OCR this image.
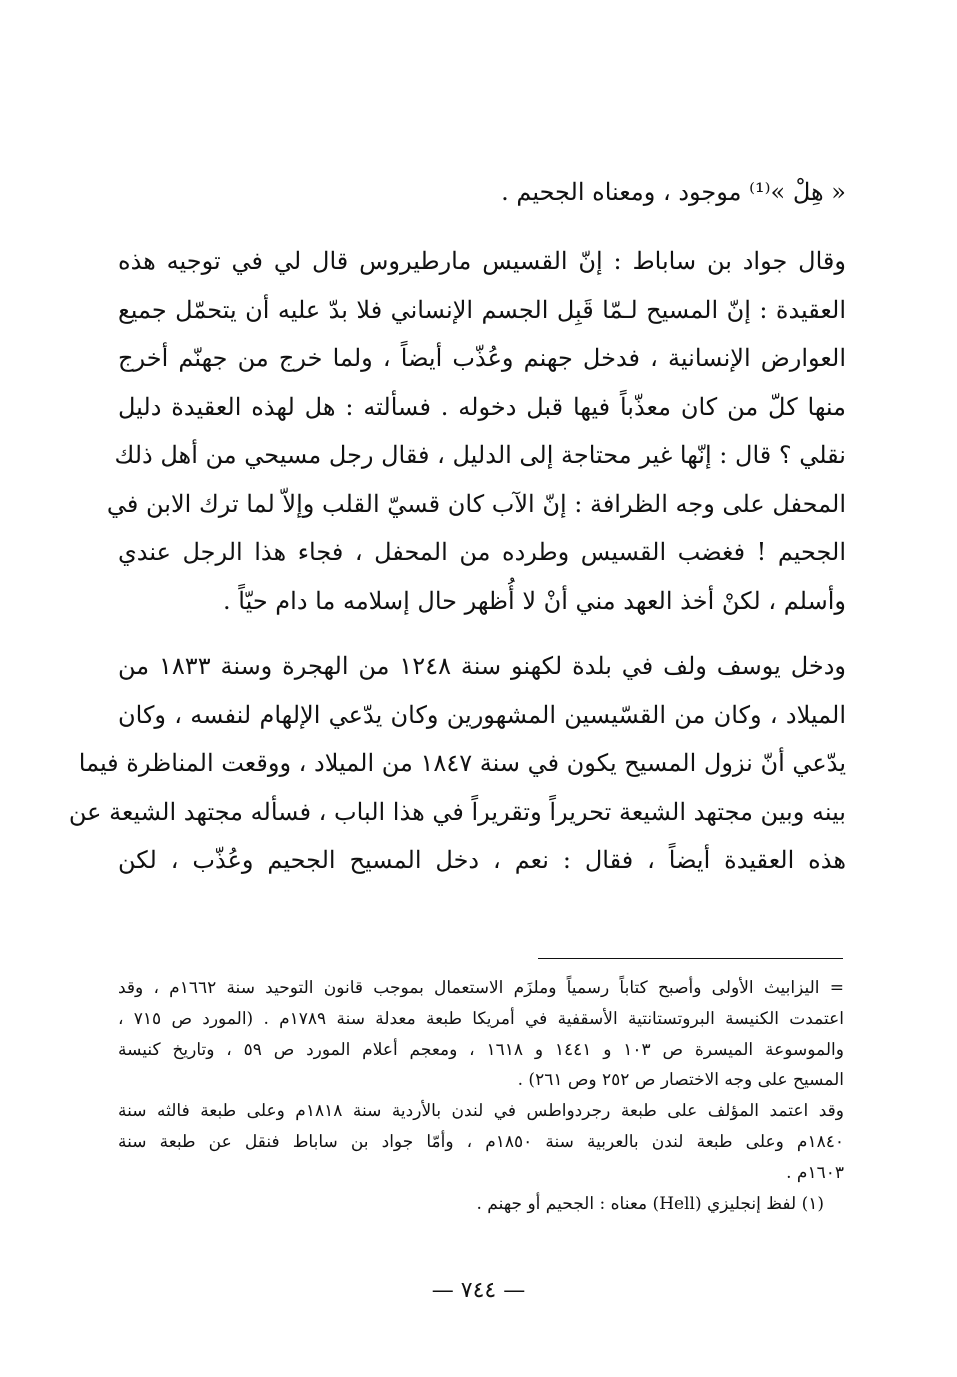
« هِلْ »⁽¹⁾ موجود ، ومعناه الجحيم .
وقال جواد بن ساباط : إنّ القسيس مارطيروس قال لي في توجيه هذه
العقيدة : إنّ المسيح لـمّا قَبِل الجسم الإنساني فلا بدّ عليه أن يتحمّل جميع
العوارض الإنسانية ، فدخل جهنم وعُذّب أيضاً ، ولما خرج من جهنّم أخرج
منها كلّ من كان معذّباً فيها قبل دخوله . فسألته : هل لهذه العقيدة دليل
نقلي ؟ قال : إنّها غير محتاجة إلى الدليل ، فقال رجل مسيحي من أهل ذلك
المحفل على وجه الظرافة : إنّ الآب كان قسيّ القلب وإلاّ لما ترك الابن في
الجحيم ! فغضب القسيس وطرده من المحفل ، فجاء هذا الرجل عندي
وأسلم ، لكنْ أخذ العهد مني أنْ لا أُظهر حال إسلامه ما دام حيّاً .
ودخل يوسف ولف في بلدة لكهنو سنة ١٢٤٨ من الهجرة وسنة ١٨٣٣ من
الميلاد ، وكان من القسّيسين المشهورين وكان يدّعي الإلهام لنفسه ، وكان
يدّعي أنّ نزول المسيح يكون في سنة ١٨٤٧ من الميلاد ، ووقعت المناظرة فيما
بينه وبين مجتهد الشيعة تحريراً وتقريراً في هذا الباب ، فسأله مجتهد الشيعة عن
هذه العقيدة أيضاً ، فقال : نعم ، دخل المسيح الجحيم وعُذّب ، لكن
= اليزابيث الأولى وأصبح كتاباً رسمياً وملزَم الاستعمال بموجب قانون التوحيد سنة ١٦٦٢م ، وقد
اعتمدت الكنيسة البروتستانتية الأسقفية في أمريكا طبعة معدلة سنة ١٧٨٩م . (المورد ص ٧١٥ ،
والموسوعة الميسرة ص ١٠٣ و ١٤٤١ و ١٦١٨ ، ومعجم أعلام المورد ص ٥٩ ، وتاريخ كنيسة
المسيح على وجه الاختصار ص ٢٥٢ وص ٢٦١) .
وقد اعتمد المؤلف على طبعة رجردواطس في لندن بالأردية سنة ١٨١٨م وعلى طبعة فالثه سنة
١٨٤٠م وعلى طبعة لندن بالعربية سنة ١٨٥٠م ، وأمّا جواد بن ساباط فنقل عن طبعة سنة
١٦٠٣م .
(١) لفظ إنجليزي (Hell) معناه : الجحيم أو جهنم .
— ٧٤٤ —
